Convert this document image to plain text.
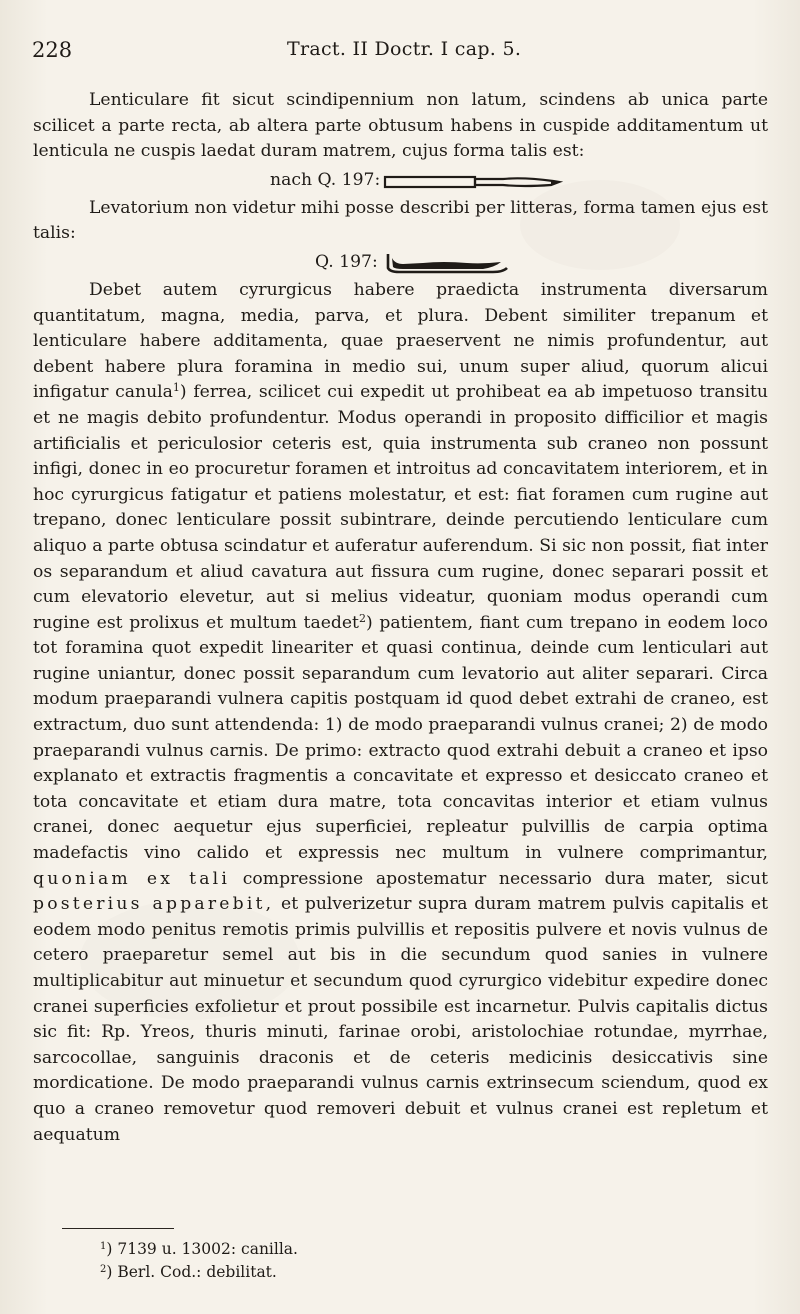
228	Tract. II Doctr. I cap. 5.

Lenticulare fit sicut scindipennium non latum, scindens ab unica parte scilicet a parte recta, ab altera parte obtusum habens in cuspide additamentum ut lenticula ne cuspis laedat duram matrem, cujus forma talis est:

nach Q. 197:

Levatorium non videtur mihi posse describi per litteras, forma tamen ejus est talis:

Q. 197:

Debet autem cyrurgicus habere praedicta instrumenta diversarum quantitatum, magna, media, parva, et plura. Debent similiter trepanum et lenticulare habere additamenta, quae praeservent ne nimis profundentur, aut debent habere plura foramina in medio sui, unum super aliud, quorum alicui infigatur canula$^1$) ferrea, scilicet cui expedit ut prohibeat ea ab impetuoso transitu et ne magis debito profundentur. Modus operandi in proposito difficilior et magis artificialis et periculosior ceteris est, quia instrumenta sub craneo non possunt infigi, donec in eo procuretur foramen et introitus ad concavitatem interiorem, et in hoc cyrurgicus fatigatur et patiens molestatur, et est: fiat foramen cum rugine aut trepano, donec lenticulare possit subintrare, deinde percutiendo lenticulare cum aliquo a parte obtusa scindatur et auferatur auferendum. Si sic non possit, fiat inter os separandum et aliud cavatura aut fissura cum rugine, donec separari possit et cum elevatorio elevetur, aut si melius videatur, quoniam modus operandi cum rugine est prolixus et multum taedet$^2$) patientem, fiant cum trepano in eodem loco tot foramina quot expedit lineariter et quasi continua, deinde cum lenticulari aut rugine uniantur, donec possit separandum cum levatorio aut aliter separari. Circa modum praeparandi vulnera capitis postquam id quod debet extrahi de craneo, est extractum, duo sunt attendenda: 1) de modo praeparandi vulnus cranei; 2) de modo praeparandi vulnus carnis. De primo: extracto quod extrahi debuit a craneo et ipso explanato et extractis fragmentis a concavitate et expresso et desiccato craneo et tota concavitate et etiam dura matre, tota concavitas interior et etiam vulnus cranei, donec aequetur ejus superficiei, repleatur pulvillis de carpia optima madefactis vino calido et expressis nec multum in vulnere comprimantur, quoniam ex tali compressione apostematur necessario dura mater, sicut posterius apparebit, et pulverizetur supra duram matrem pulvis capitalis et eodem modo penitus remotis primis pulvillis et repositis pulvere et novis vulnus de cetero praeparetur semel aut bis in die secundum quod sanies in vulnere multiplicabitur aut minuetur et secundum quod cyrurgico videbitur expedire donec cranei superficies exfolietur et prout possibile est incarnetur. Pulvis capitalis dictus sic fit: Rp. Yreos, thuris minuti, farinae orobi, aristolochiae rotundae, myrrhae, sarcocollae, sanguinis draconis et de ceteris medicinis desiccativis sine mordicatione. De modo praeparandi vulnus carnis extrinsecum sciendum, quod ex quo a craneo removetur quod removeri debuit et vulnus cranei est repletum et aequatum

$^1$) 7139 u. 13002: canilla.
$^2$) Berl. Cod.: debilitat.
